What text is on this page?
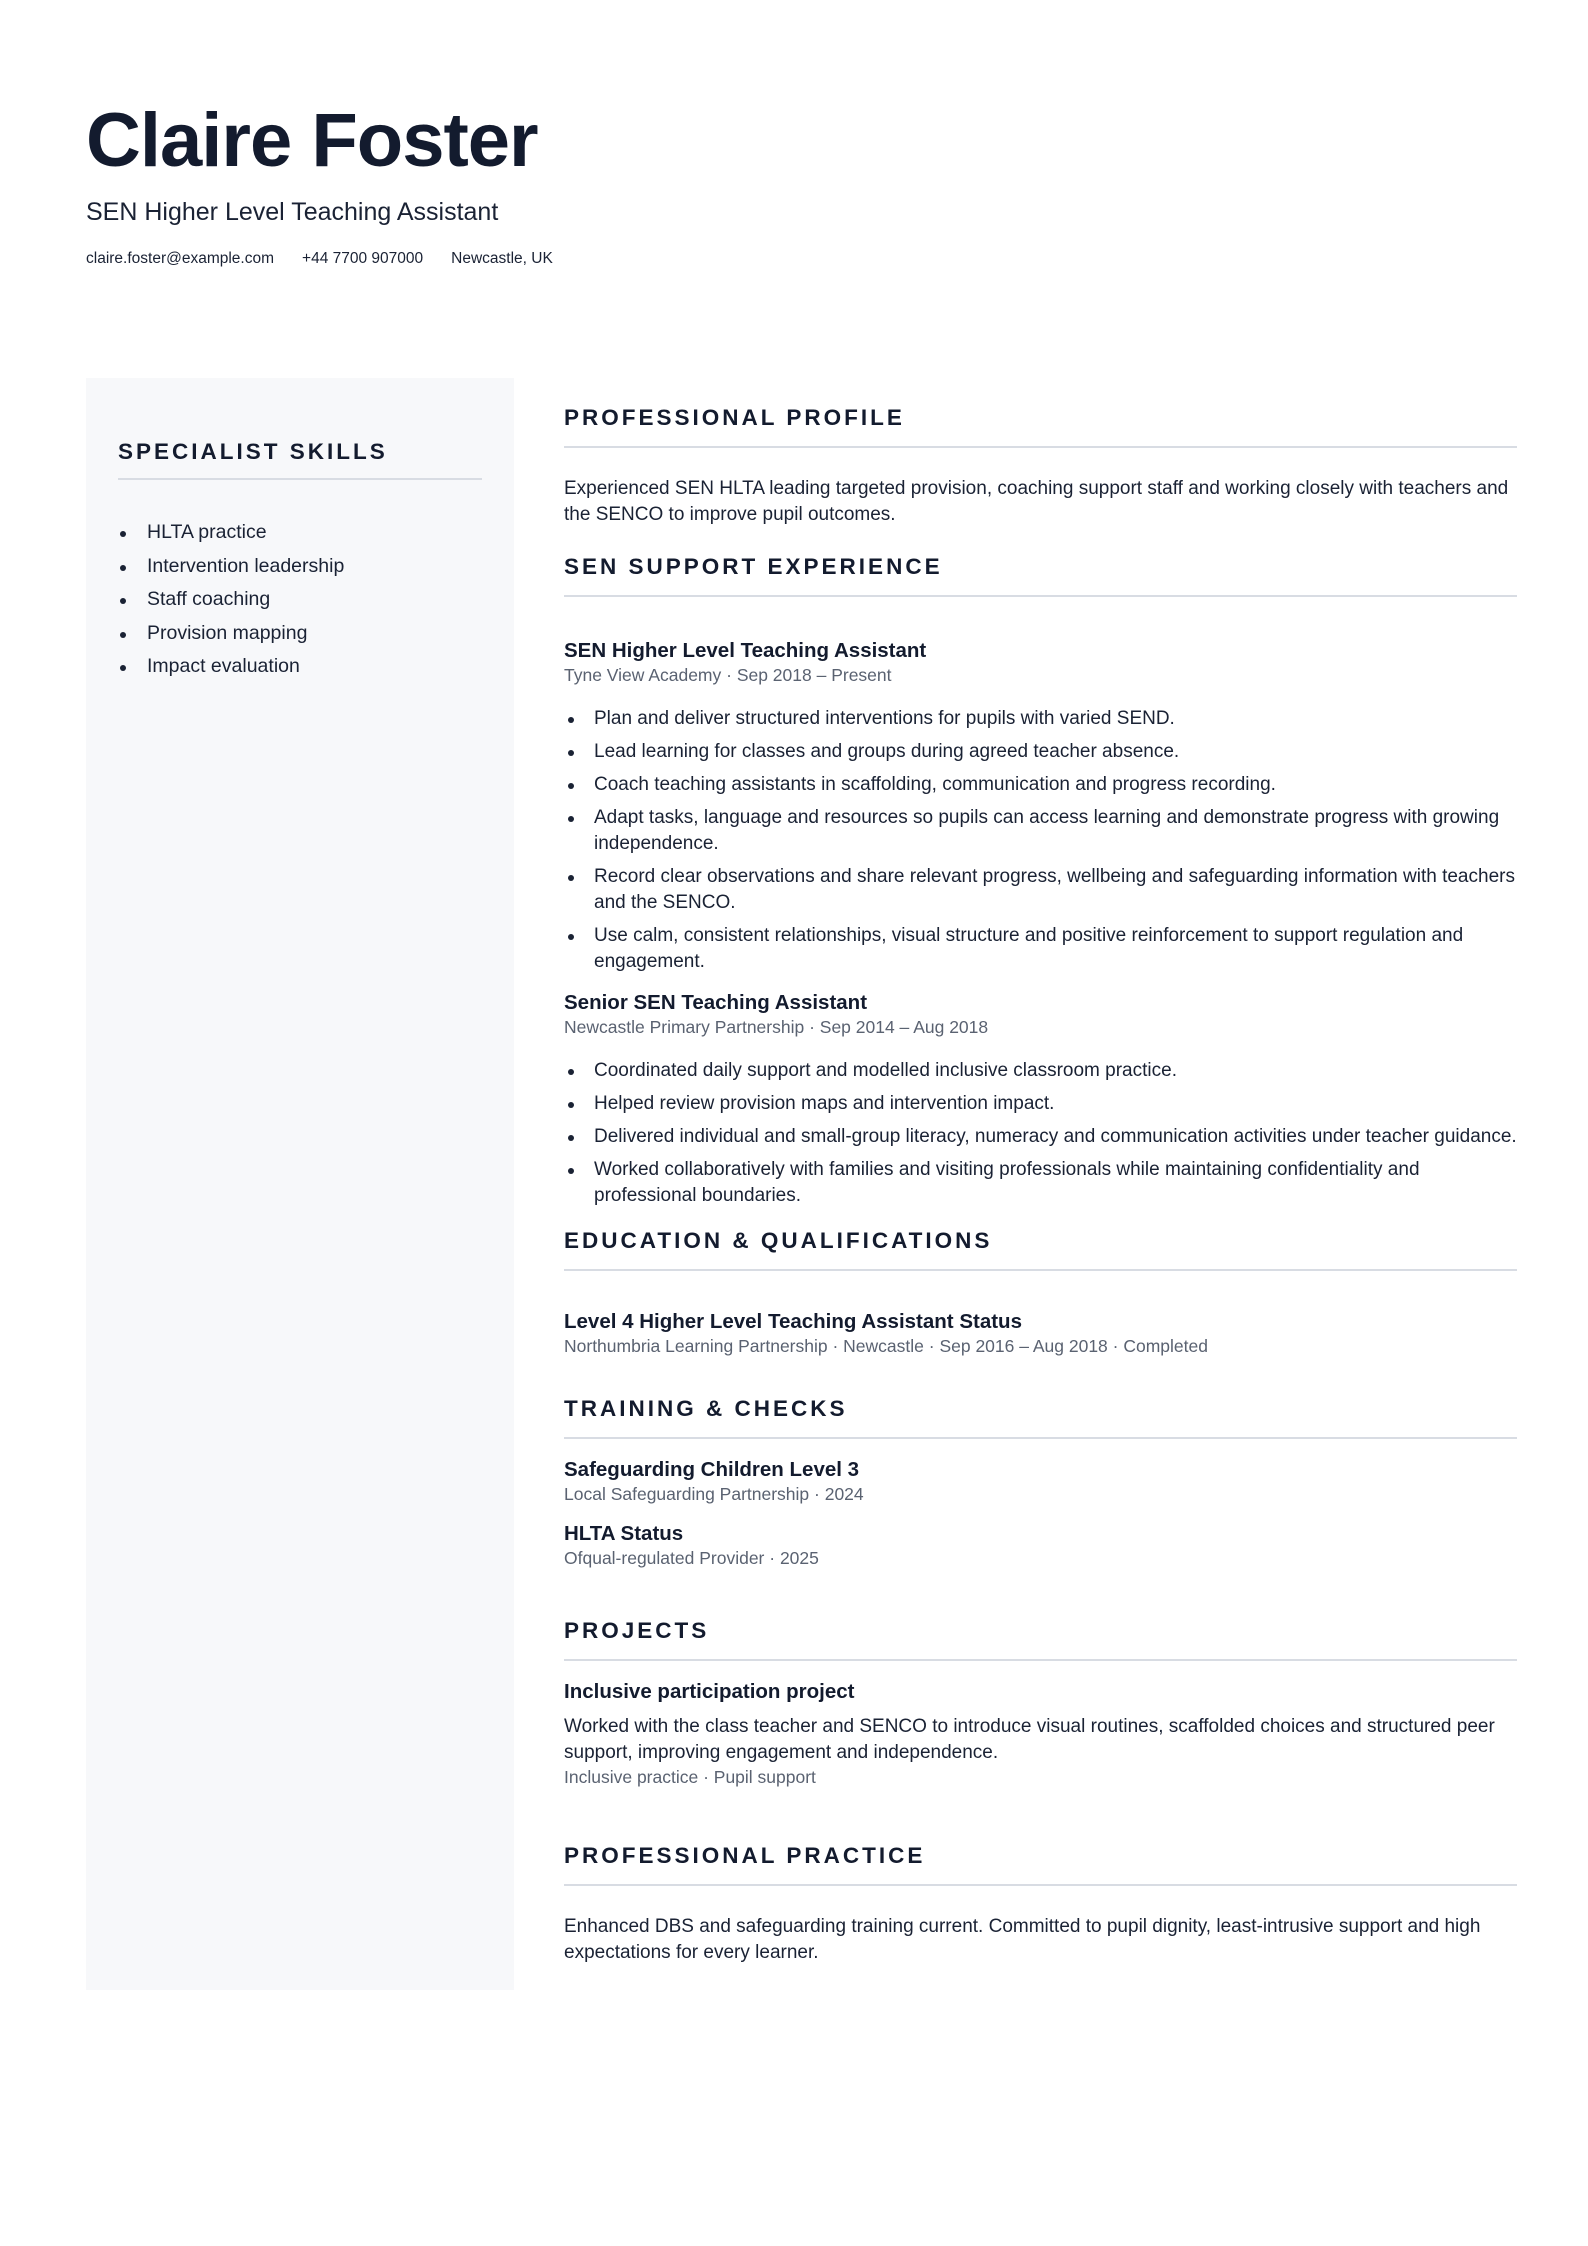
Claire Foster
SEN Higher Level Teaching Assistant
claire.foster@example.com +44 7700 907000 Newcastle, UK
SPECIALIST SKILLS
HLTA practice
Intervention leadership
Staff coaching
Provision mapping
Impact evaluation
PROFESSIONAL PROFILE

Experienced SEN HLTA leading targeted provision, coaching support staff and working closely with teachers and the SENCO to improve pupil outcomes.

SEN SUPPORT EXPERIENCE
SEN Higher Level Teaching Assistant
Tyne View Academy · Sep 2018 – Present
Plan and deliver structured interventions for pupils with varied SEND.
Lead learning for classes and groups during agreed teacher absence.
Coach teaching assistants in scaffolding, communication and progress recording.
Adapt tasks, language and resources so pupils can access learning and demonstrate progress with growing independence.
Record clear observations and share relevant progress, wellbeing and safeguarding information with teachers and the SENCO.
Use calm, consistent relationships, visual structure and positive reinforcement to support regulation and engagement.
Senior SEN Teaching Assistant
Newcastle Primary Partnership · Sep 2014 – Aug 2018
Coordinated daily support and modelled inclusive classroom practice.
Helped review provision maps and intervention impact.
Delivered individual and small-group literacy, numeracy and communication activities under teacher guidance.
Worked collaboratively with families and visiting professionals while maintaining confidentiality and professional boundaries.
EDUCATION & QUALIFICATIONS
Level 4 Higher Level Teaching Assistant Status
Northumbria Learning Partnership · Newcastle · Sep 2016 – Aug 2018 · Completed
TRAINING & CHECKS
Safeguarding Children Level 3
Local Safeguarding Partnership · 2024
HLTA Status
Ofqual-regulated Provider · 2025
PROJECTS
Inclusive participation project

Worked with the class teacher and SENCO to introduce visual routines, scaffolded choices and structured peer support, improving engagement and independence.

Inclusive practice · Pupil support
PROFESSIONAL PRACTICE

Enhanced DBS and safeguarding training current. Committed to pupil dignity, least-intrusive support and high expectations for every learner.
